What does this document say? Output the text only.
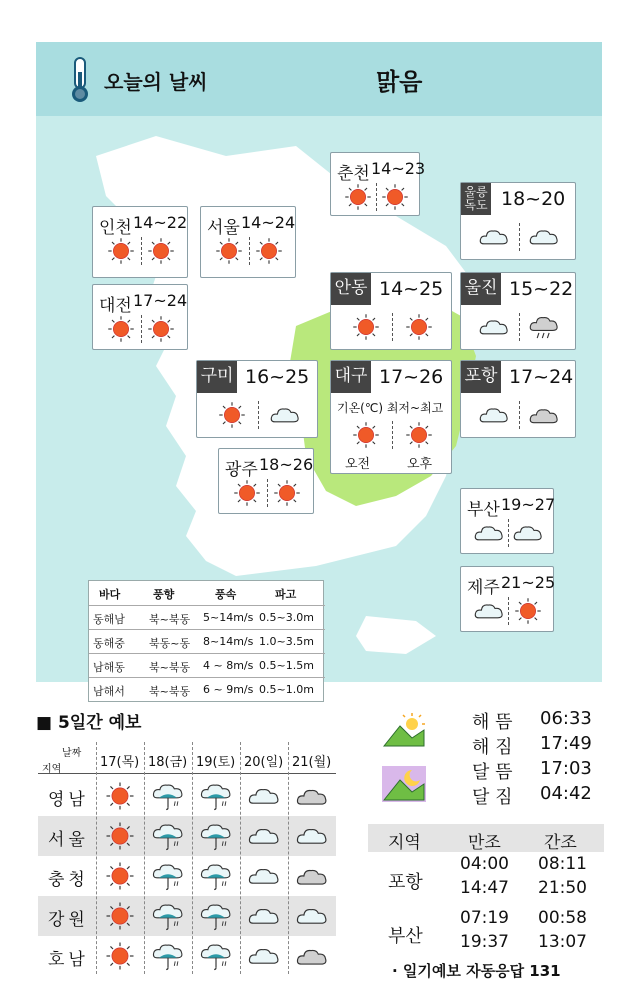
오늘의 날씨	맑음
춘천 14~23
인천 14~22 서울 14~24
울릉
독도 18~20
대전 17~24
안동 14~25 울진 15~22
구미 16~25 대구 17~26
기온(℃) 최저~최고
오전	오후
포항 17~24
광주 18~26
부산 19~27
제주 21~25
바다	풍향	풍속	파고
동해남 북~북동 5~14m/s 0.5~3.0m
동해중 북동~동 8~14m/s 1.0~3.5m
남해동 북~북동 4 ~ 8m/s 0.5~1.5m
남해서 북~북동 6 ~ 9m/s 0.5~1.0m
■ 5일간 예보
날짜
지역	17(목) 18(금) 19(토) 20(일) 21(월)
영남
서울
충청
강원
호남
해 뜸 06:33
해 짐 17:49
달 뜸 17:03
달 짐 04:42
지역	만조	간조
포항
04:00 08:11
14:47 21:50
부산
07:19 00:58
19:37 13:07
· 일기예보 자동응답 131
